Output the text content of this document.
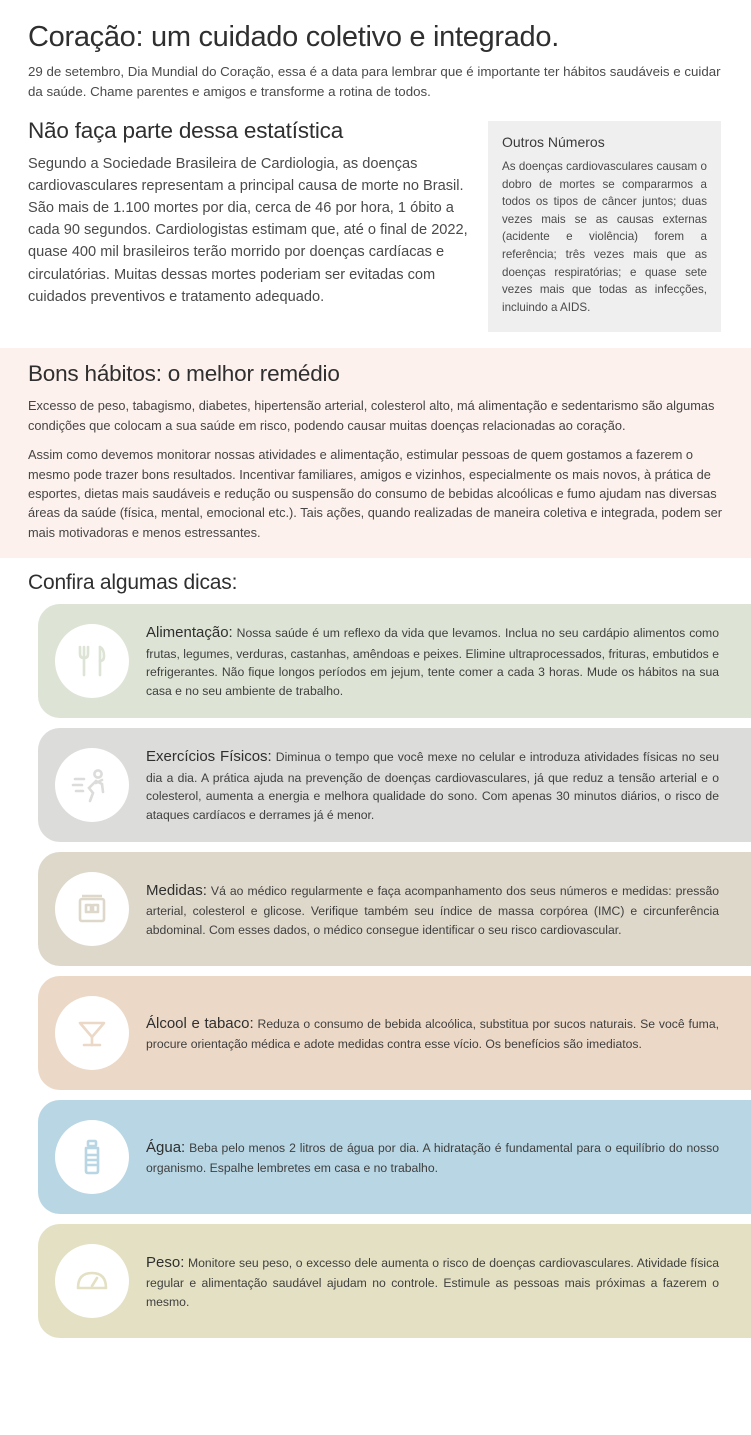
Coração: um cuidado coletivo e integrado.

29 de setembro, Dia Mundial do Coração, essa é a data para lembrar que é importante ter hábitos saudáveis e cuidar da saúde. Chame parentes e amigos e transforme a rotina de todos.

Não faça parte dessa estatística

Segundo a Sociedade Brasileira de Cardiologia, as doenças cardiovasculares representam a principal causa de morte no Brasil. São mais de 1.100 mortes por dia, cerca de 46 por hora, 1 óbito a cada 90 segundos. Cardiologistas estimam que, até o final de 2022, quase 400 mil brasileiros terão morrido por doenças cardíacas e circulatórias. Muitas dessas mortes poderiam ser evitadas com cuidados preventivos e tratamento adequado.

Outros Números

As doenças cardiovasculares causam o dobro de mortes se compararmos a todos os tipos de câncer juntos; duas vezes mais se as causas externas (acidente e violência) forem a referência; três vezes mais que as doenças respiratórias; e quase sete vezes mais que todas as infecções, incluindo a AIDS.

Bons hábitos: o melhor remédio

Excesso de peso, tabagismo, diabetes, hipertensão arterial, colesterol alto, má alimentação e sedentarismo são algumas condições que colocam a sua saúde em risco, podendo causar muitas doenças relacionadas ao coração.

Assim como devemos monitorar nossas atividades e alimentação, estimular pessoas de quem gostamos a fazerem o mesmo pode trazer bons resultados. Incentivar familiares, amigos e vizinhos, especialmente os mais novos, à prática de esportes, dietas mais saudáveis e redução ou suspensão do consumo de bebidas alcoólicas e fumo ajudam nas diversas áreas da saúde (física, mental, emocional etc.). Tais ações, quando realizadas de maneira coletiva e integrada, podem ser mais motivadoras e menos estressantes.

Confira algumas dicas:
Alimentação: Nossa saúde é um reflexo da vida que levamos. Inclua no seu cardápio alimentos como frutas, legumes, verduras, castanhas, amêndoas e peixes. Elimine ultraprocessados, frituras, embutidos e refrigerantes. Não fique longos períodos em jejum, tente comer a cada 3 horas. Mude os hábitos na sua casa e no seu ambiente de trabalho.
Exercícios Físicos: Diminua o tempo que você mexe no celular e introduza atividades físicas no seu dia a dia. A prática ajuda na prevenção de doenças cardiovasculares, já que reduz a tensão arterial e o colesterol, aumenta a energia e melhora qualidade do sono. Com apenas 30 minutos diários, o risco de ataques cardíacos e derrames já é menor.
Medidas: Vá ao médico regularmente e faça acompanhamento dos seus números e medidas: pressão arterial, colesterol e glicose. Verifique também seu índice de massa corpórea (IMC) e circunferência abdominal. Com esses dados, o médico consegue identificar o seu risco cardiovascular.
Álcool e tabaco: Reduza o consumo de bebida alcoólica, substitua por sucos naturais. Se você fuma, procure orientação médica e adote medidas contra esse vício. Os benefícios são imediatos.
Água: Beba pelo menos 2 litros de água por dia. A hidratação é fundamental para o equilíbrio do nosso organismo. Espalhe lembretes em casa e no trabalho.
Peso: Monitore seu peso, o excesso dele aumenta o risco de doenças cardiovasculares. Atividade física regular e alimentação saudável ajudam no controle. Estimule as pessoas mais próximas a fazerem o mesmo.
